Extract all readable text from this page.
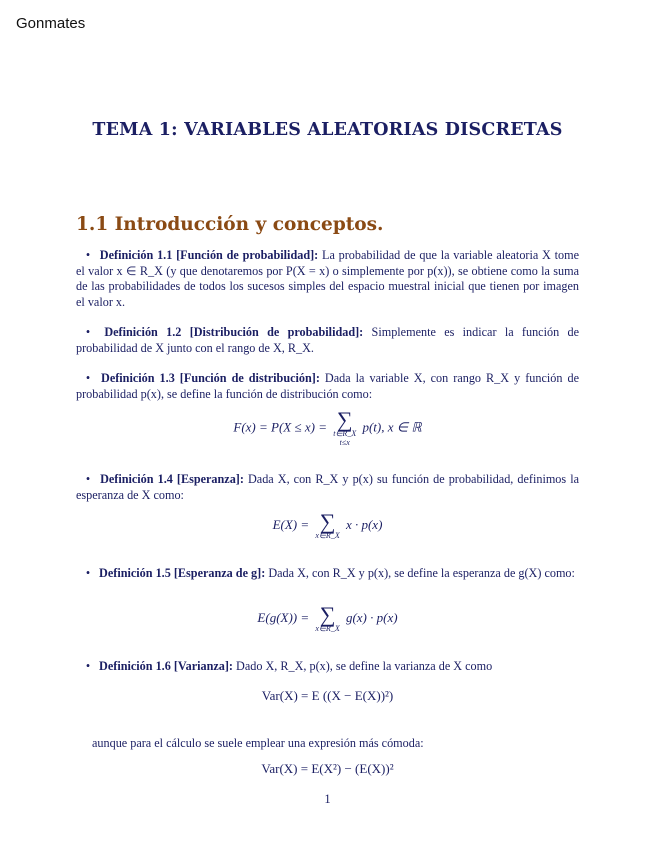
Gonmates
TEMA 1: VARIABLES ALEATORIAS DISCRETAS
1.1 Introducción y conceptos.
• Definición 1.1 [Función de probabilidad]: La probabilidad de que la variable aleatoria X tome el valor x ∈ R_X (y que denotaremos por P(X = x) o simplemente por p(x)), se obtiene como la suma de las probabilidades de todos los sucesos simples del espacio muestral inicial que tienen por imagen el valor x.
• Definición 1.2 [Distribución de probabilidad]: Simplemente es indicar la función de probabilidad de X junto con el rango de X, R_X.
• Definición 1.3 [Función de distribución]: Dada la variable X, con rango R_X y función de probabilidad p(x), se define la función de distribución como:
F(x) = P(X ≤ x) = ∑
t∈R_X
t≤x
p(t), x ∈ ℝ
• Definición 1.4 [Esperanza]: Dada X, con R_X y p(x) su función de probabilidad, definimos la esperanza de X como:
E(X) = ∑
x∈R_X
x · p(x)
• Definición 1.5 [Esperanza de g]: Dada X, con R_X y p(x), se define la esperanza de g(X) como:
E(g(X)) = ∑
x∈R_X
g(x) · p(x)
• Definición 1.6 [Varianza]: Dado X, R_X, p(x), se define la varianza de X como
Var(X) = E ((X − E(X))²)
aunque para el cálculo se suele emplear una expresión más cómoda:
Var(X) = E(X²) − (E(X))²
1
